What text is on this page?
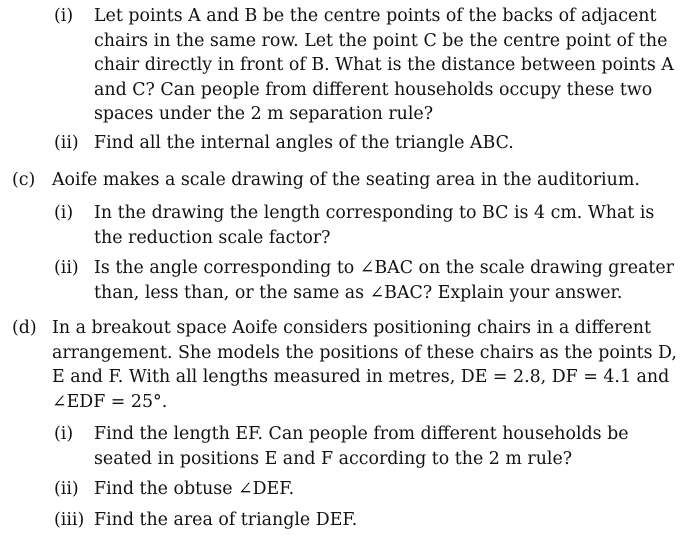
(i) Let points A and B be the centre points of the backs of adjacent chairs in the same row. Let the point C be the centre point of the chair directly in front of B. What is the distance between points A and C? Can people from different households occupy these two spaces under the 2 m separation rule?
(ii) Find all the internal angles of the triangle ABC.
(c) Aoife makes a scale drawing of the seating area in the auditorium.
(i) In the drawing the length corresponding to BC is 4 cm. What is the reduction scale factor?
(ii) Is the angle corresponding to ∠BAC on the scale drawing greater than, less than, or the same as ∠BAC? Explain your answer.
(d) In a breakout space Aoife considers positioning chairs in a different arrangement. She models the positions of these chairs as the points D, E and F. With all lengths measured in metres, DE = 2.8, DF = 4.1 and ∠EDF = 25°.
(i) Find the length EF. Can people from different households be seated in positions E and F according to the 2 m rule?
(ii) Find the obtuse ∠DEF.
(iii) Find the area of triangle DEF.
